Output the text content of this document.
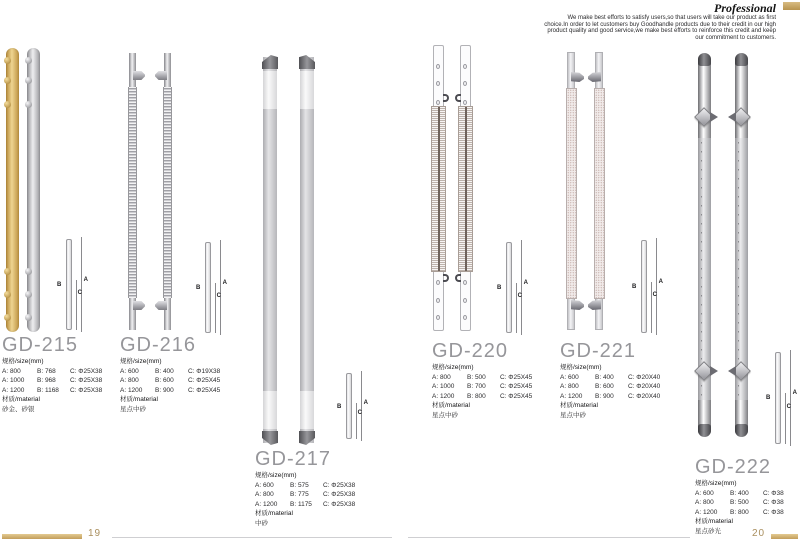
Professional
We make best efforts to satisfy users,so that users will take our product as first choice.In order to let customers buy Goodhandle products due to their credit in our high product quality and good service,we make best efforts to reinforce this credit and keep our commitment to customers.
A
B
C
GD-215
规格/size(mm)
A: 800	B: 768	C: Φ25X38
A: 1000	B: 968	C: Φ25X38
A: 1200	B: 1168	C: Φ25X38
材质/material
砂金、砂银
A
B
C
GD-216
规格/size(mm)
A: 600	B: 400	C: Φ19X38
A: 800	B: 600	C: Φ25X45
A: 1200	B: 900	C: Φ25X45
材质/material
星点中砂
A
B
C
GD-217
规格/size(mm)
A: 600	B: 575	C: Φ25X38
A: 800	B: 775	C: Φ25X38
A: 1200	B: 1175	C: Φ25X38
材质/material
中砂
A
B
C
GD-220
规格/size(mm)
A: 800	B: 500	C: Φ25X45
A: 1000	B: 700	C: Φ25X45
A: 1200	B: 800	C: Φ25X45
材质/material
星点中砂
A
B
C
GD-221
规格/size(mm)
A: 600	B: 400	C: Φ20X40
A: 800	B: 600	C: Φ20X40
A: 1200	B: 900	C: Φ20X40
材质/material
星点中砂
A
B
C
GD-222
规格/size(mm)
A: 600	B: 400	C: Φ38
A: 800	B: 500	C: Φ38
A: 1200	B: 800	C: Φ38
材质/material
星点砂光
19	20
